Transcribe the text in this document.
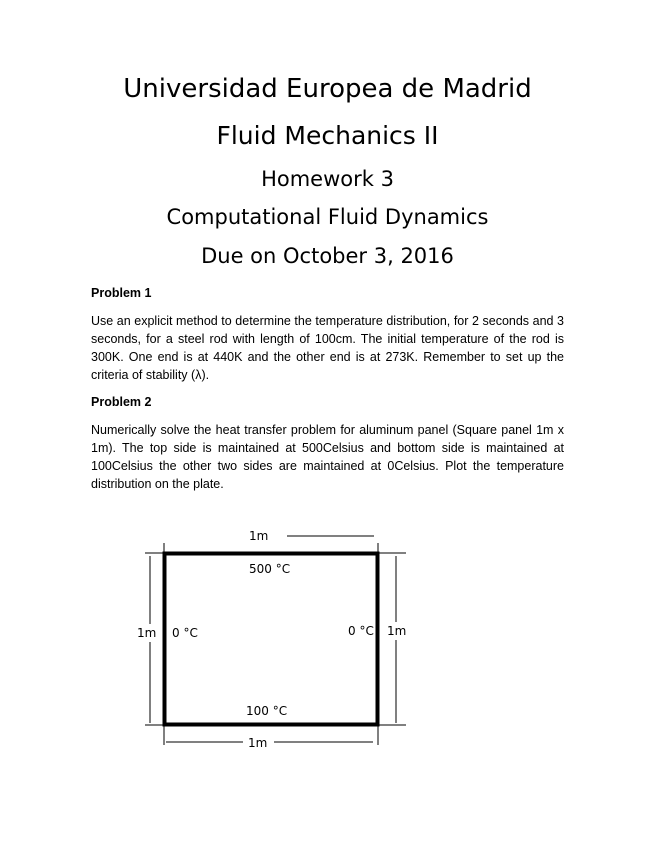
Universidad Europea de Madrid
Fluid Mechanics II
Homework 3
Computational Fluid Dynamics
Due on October 3, 2016
Problem 1
Use an explicit method to determine the temperature distribution, for 2 seconds and 3 seconds, for a steel rod with length of 100cm. The initial temperature of the rod is 300K. One end is at 440K and the other end is at 273K. Remember to set up the criteria of stability (λ).
Problem 2
Numerically solve the heat transfer problem for aluminum panel (Square panel 1m x 1m). The top side is maintained at 500Celsius and bottom side is maintained at 100Celsius the other two sides are maintained at 0Celsius. Plot the temperature distribution on the plate.
1m
1m
1m	1m
500 °C
100 °C
0 °C	0 °C
